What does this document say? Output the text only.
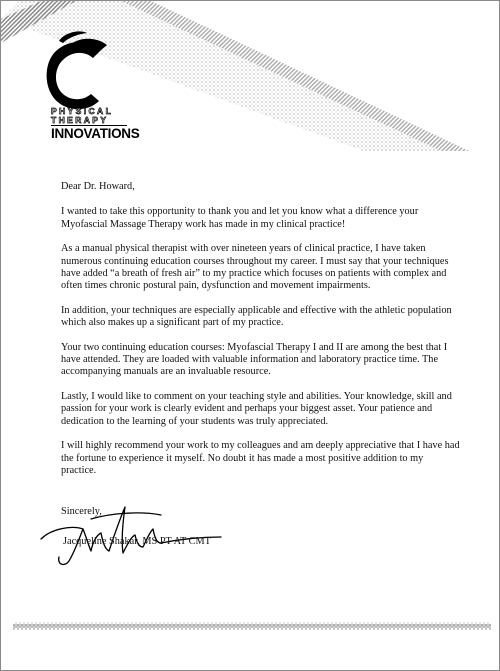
PHYSICAL
THERAPY
INNOVATIONS

Dear Dr. Howard,

I wanted to take this opportunity to thank you and let you know what a difference your Myofascial Massage Therapy work has made in my clinical practice!

As a manual physical therapist with over nineteen years of clinical practice, I have taken numerous continuing education courses throughout my career. I must say that your techniques have added “a breath of fresh air” to my practice which focuses on patients with complex and often times chronic postural pain, dysfunction and movement impairments.

In addition, your techniques are especially applicable and effective with the athletic population which also makes up a significant part of my practice.

Your two continuing education courses: Myofascial Therapy I and II are among the best that I have attended. They are loaded with valuable information and laboratory practice time. The accompanying manuals are an invaluable resource.

Lastly, I would like to comment on your teaching style and abilities. Your knowledge, skill and passion for your work is clearly evident and perhaps your biggest asset. Your patience and dedication to the learning of your students was truly appreciated.

I will highly recommend your work to my colleagues and am deeply appreciative that I have had the fortune to experience it myself. No doubt it has made a most positive addition to my practice.

Sincerely,
Jacqueline Shakar, MS PT AT CMT
